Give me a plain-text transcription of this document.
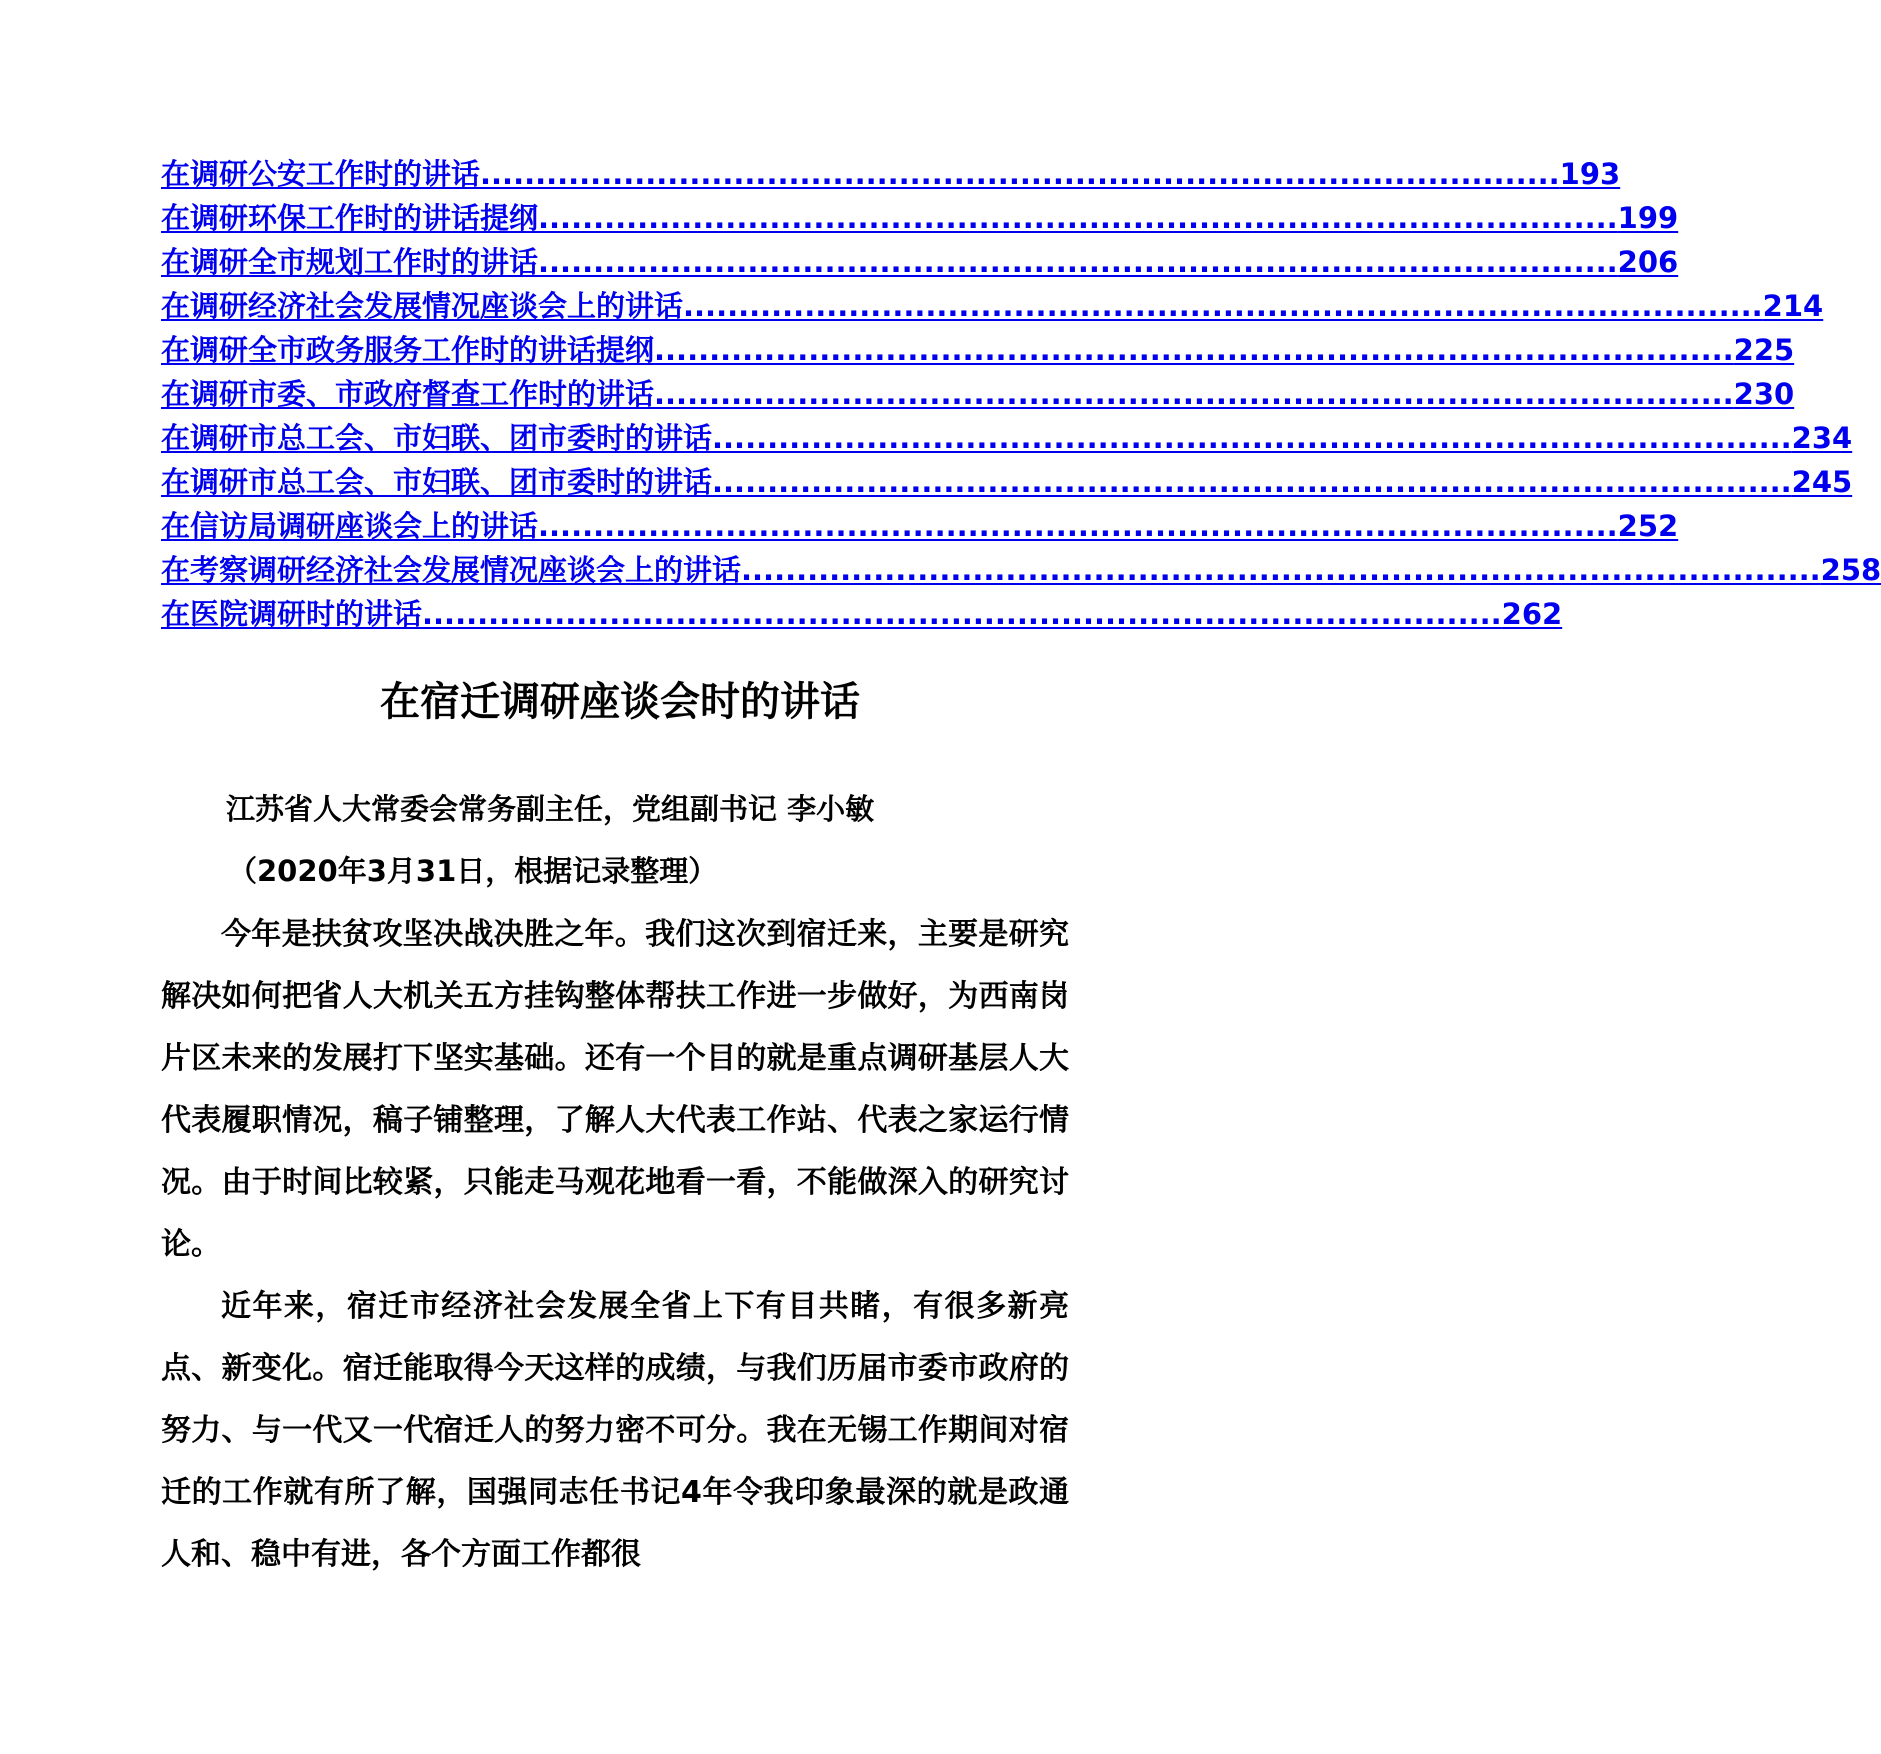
在调研公安工作时的讲话 .................................................................................................. 193
在调研环保工作时的讲话提纲 .................................................................................................. 199
在调研全市规划工作时的讲话 .................................................................................................. 206
在调研经济社会发展情况座谈会上的讲话 .................................................................................................. 214
在调研全市政务服务工作时的讲话提纲 .................................................................................................. 225
在调研市委、市政府督查工作时的讲话 .................................................................................................. 230
在调研市总工会、市妇联、团市委时的讲话 .................................................................................................. 234
在调研市总工会、市妇联、团市委时的讲话 .................................................................................................. 245
在信访局调研座谈会上的讲话 .................................................................................................. 252
在考察调研经济社会发展情况座谈会上的讲话 .................................................................................................. 258
在医院调研时的讲话 .................................................................................................. 262
在宿迁调研座谈会时的讲话
江苏省人大常委会常务副主任，党组副书记 李小敏
（2020年3月31日，根据记录整理）

今年是扶贫攻坚决战决胜之年。我们这次到宿迁来，主要是研究解决如何把省人大机关五方挂钩整体帮扶工作进一步做好，为西南岗片区未来的发展打下坚实基础。还有一个目的就是重点调研基层人大代表履职情况，稿子铺整理，了解人大代表工作站、代表之家运行情况。由于时间比较紧，只能走马观花地看一看，不能做深入的研究讨论。

近年来，宿迁市经济社会发展全省上下有目共睹，有很多新亮点、新变化。宿迁能取得今天这样的成绩，与我们历届市委市政府的努力、与一代又一代宿迁人的努力密不可分。我在无锡工作期间对宿迁的工作就有所了解，国强同志任书记4年令我印象最深的就是政通人和、稳中有进，各个方面工作都很
